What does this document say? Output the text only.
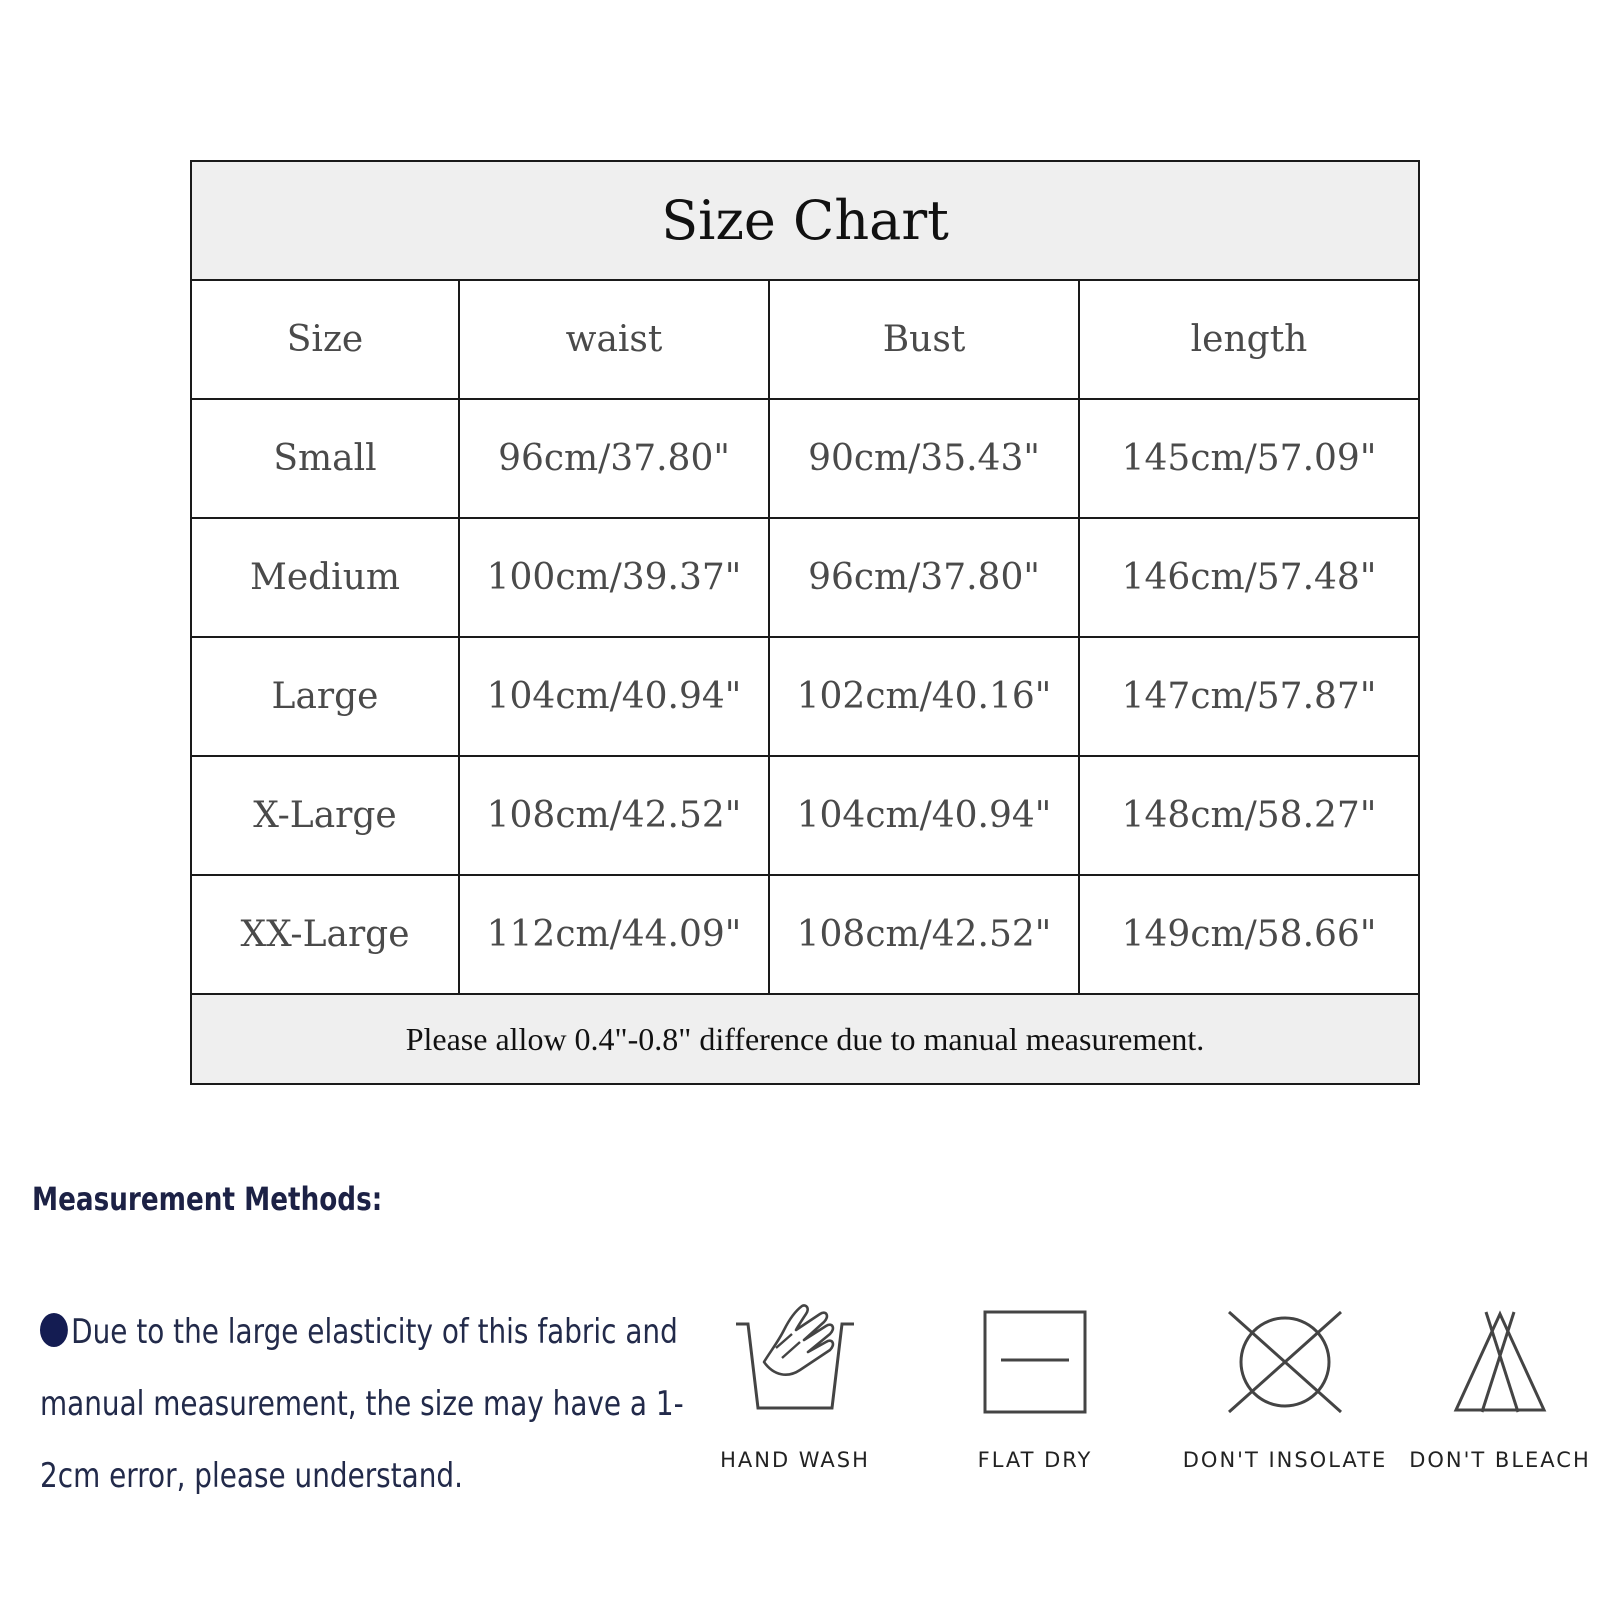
Size Chart			
Size	waist	Bust	length
Small	96cm/37.80"	90cm/35.43"	145cm/57.09"
Medium	100cm/39.37"	96cm/37.80"	146cm/57.48"
Large	104cm/40.94"	102cm/40.16"	147cm/57.87"
X-Large	108cm/42.52"	104cm/40.94"	148cm/58.27"
XX-Large	112cm/44.09"	108cm/42.52"	149cm/58.66"
Please allow 0.4"-0.8" difference due to manual measurement.			
Measurement Methods:

Due to the large elasticity of this fabric and manual measurement, the size may have a 1-2cm error, please understand.	HAND WASH	FLAT DRY	DON'T INSOLATE	DON'T BLEACH
